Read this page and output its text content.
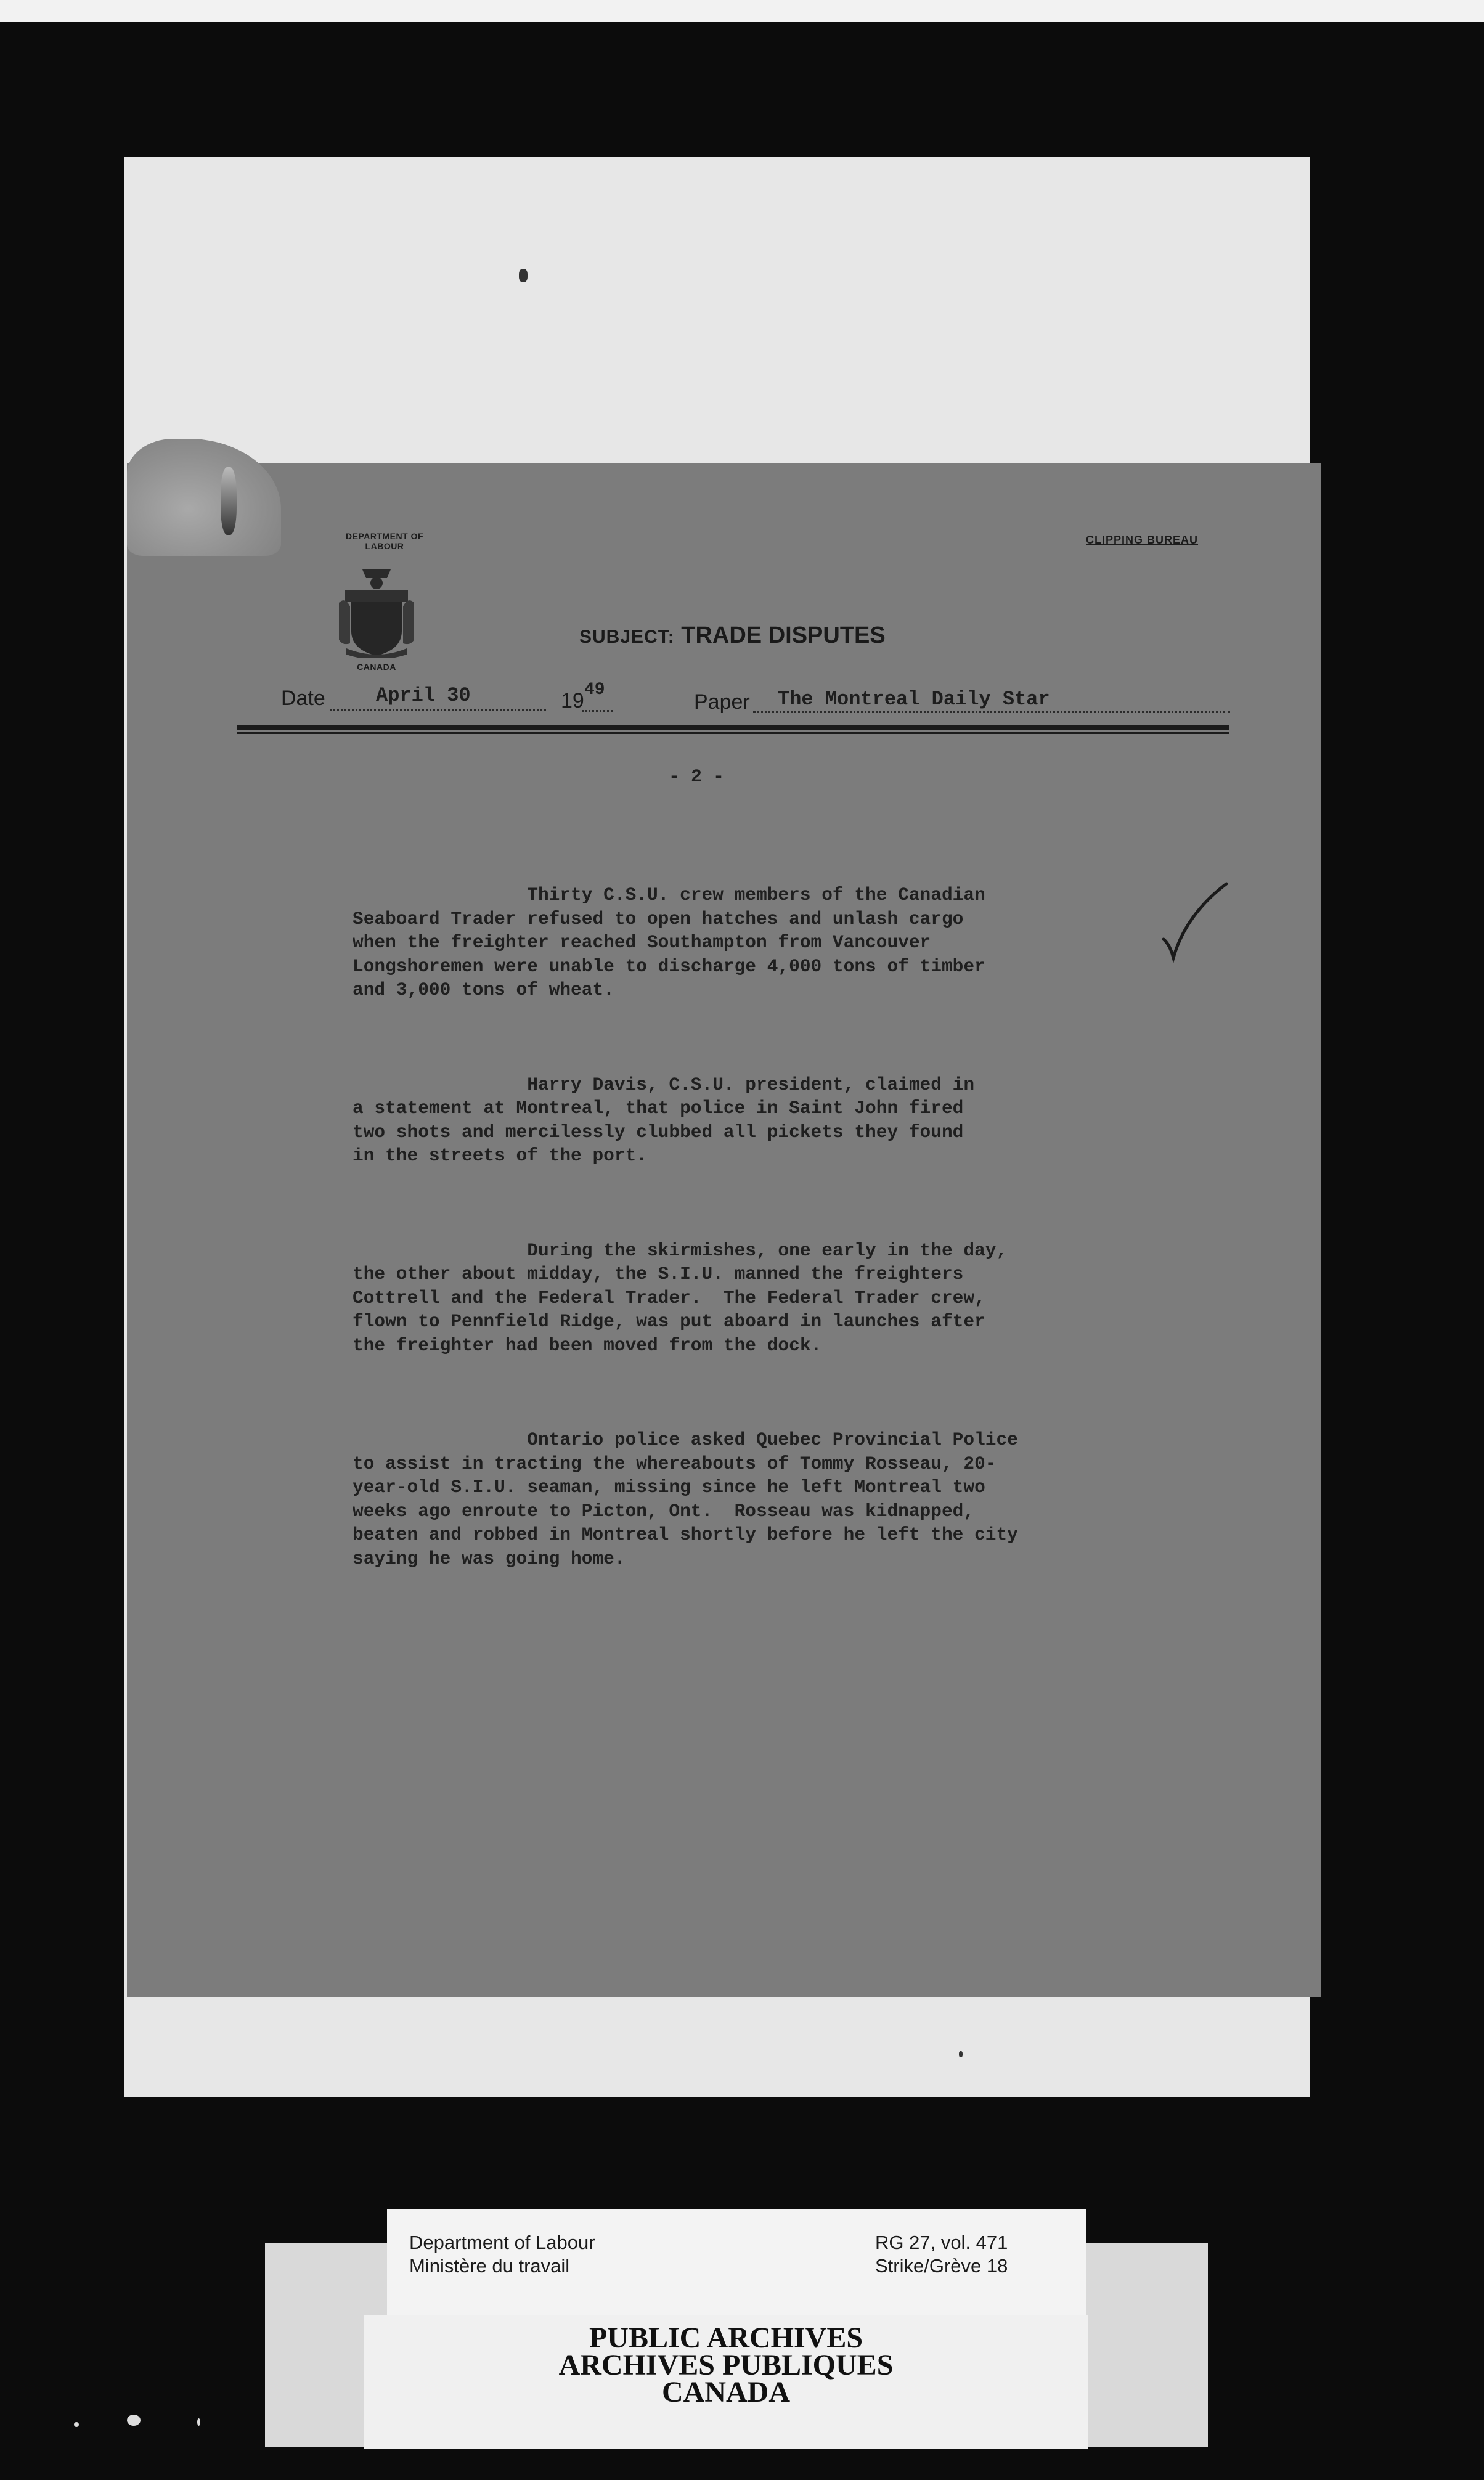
DEPARTMENT OF LABOUR
CANADA
CLIPPING BUREAU
SUBJECT: TRADE DISPUTES
Date	April 30	19 49
Paper The Montreal Daily Star
- 2 -

Thirty C.S.U. crew members of the Canadian
Seaboard Trader refused to open hatches and unlash cargo
when the freighter reached Southampton from Vancouver
Longshoremen were unable to discharge 4,000 tons of timber
and 3,000 tons of wheat.

Harry Davis, C.S.U. president, claimed in
a statement at Montreal, that police in Saint John fired
two shots and mercilessly clubbed all pickets they found
in the streets of the port.

During the skirmishes, one early in the day,
the other about midday, the S.I.U. manned the freighters
Cottrell and the Federal Trader.  The Federal Trader crew,
flown to Pennfield Ridge, was put aboard in launches after
the freighter had been moved from the dock.

Ontario police asked Quebec Provincial Police
to assist in tracting the whereabouts of Tommy Rosseau, 20-
year-old S.I.U. seaman, missing since he left Montreal two
weeks ago enroute to Picton, Ont.  Rosseau was kidnapped,
beaten and robbed in Montreal shortly before he left the city
saying he was going home.

Department of Labour
Ministère du travail
RG 27, vol. 471
Strike/Grève 18
PUBLIC ARCHIVES
ARCHIVES PUBLIQUES
CANADA
